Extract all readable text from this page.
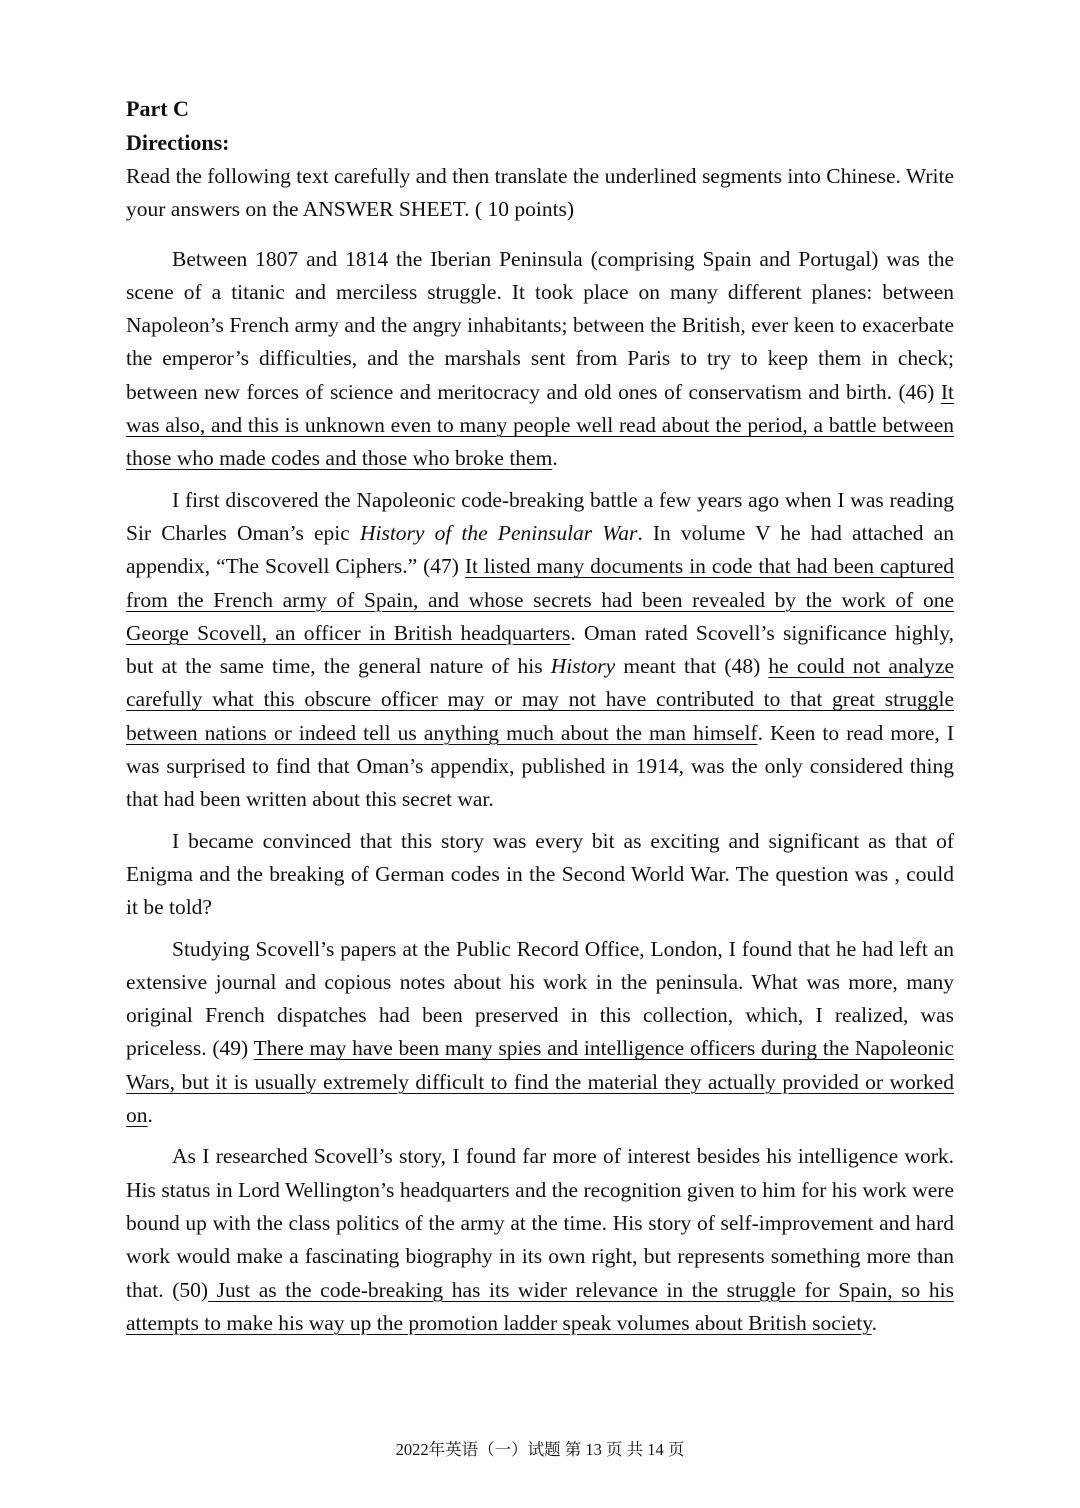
Part C
Directions:
Read the following text carefully and then translate the underlined segments into Chinese. Write your answers on the ANSWER SHEET. ( 10 points)

Between 1807 and 1814 the Iberian Peninsula (comprising Spain and Portugal) was the scene of a titanic and merciless struggle. It took place on many different planes: between Napoleon’s French army and the angry inhabitants; between the British, ever keen to exacerbate the emperor’s difficulties, and the marshals sent from Paris to try to keep them in check; between new forces of science and meritocracy and old ones of conservatism and birth. (46) It was also, and this is unknown even to many people well read about the period, a battle between those who made codes and those who broke them.

I first discovered the Napoleonic code-breaking battle a few years ago when I was reading Sir Charles Oman’s epic History of the Peninsular War. In volume V he had attached an appendix, “The Scovell Ciphers.” (47) It listed many documents in code that had been captured from the French army of Spain, and whose secrets had been revealed by the work of one George Scovell, an officer in British headquarters. Oman rated Scovell’s significance highly, but at the same time, the general nature of his History meant that (48) he could not analyze carefully what this obscure officer may or may not have contributed to that great struggle between nations or indeed tell us anything much about the man himself. Keen to read more, I was surprised to find that Oman’s appendix, published in 1914, was the only considered thing that had been written about this secret war.

I became convinced that this story was every bit as exciting and significant as that of Enigma and the breaking of German codes in the Second World War. The question was , could it be told?

Studying Scovell’s papers at the Public Record Office, London, I found that he had left an extensive journal and copious notes about his work in the peninsula. What was more, many original French dispatches had been preserved in this collection, which, I realized, was priceless. (49) There may have been many spies and intelligence officers during the Napoleonic Wars, but it is usually extremely difficult to find the material they actually provided or worked on.

As I researched Scovell’s story, I found far more of interest besides his intelligence work. His status in Lord Wellington’s headquarters and the recognition given to him for his work were bound up with the class politics of the army at the time. His story of self-improvement and hard work would make a fascinating biography in its own right, but represents something more than that. (50) Just as the code-breaking has its wider relevance in the struggle for Spain, so his attempts to make his way up the promotion ladder speak volumes about British society.

2022年英语（一）试题 第 13 页 共 14 页
